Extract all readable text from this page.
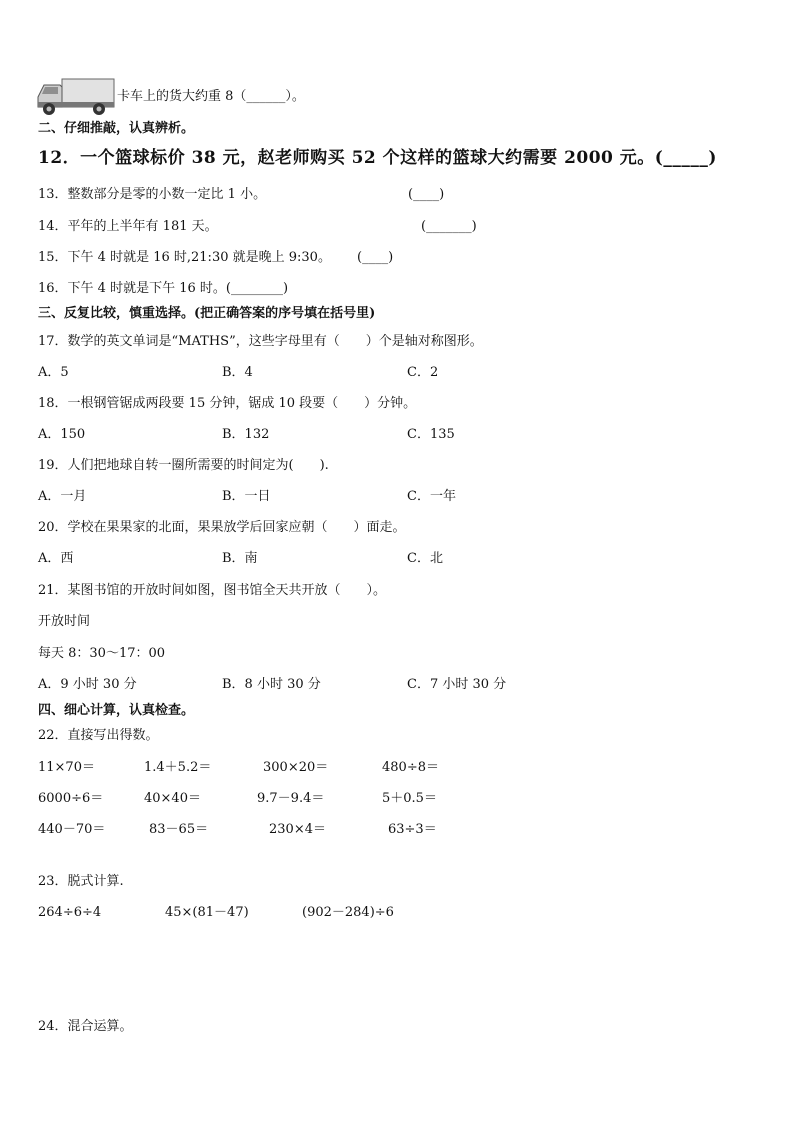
卡车上的货大约重 8（______）。
二、仔细推敲，认真辨析。
12．一个篮球标价 38 元，赵老师购买 52 个这样的篮球大约需要 2000 元。(_____)
13．整数部分是零的小数一定比 1 小。	(____)
14．平年的上半年有 181 天。	(_______)
15．下午 4 时就是 16 时,21:30 就是晚上 9:30。 (____)
16．下午 4 时就是下午 16 时。(________)
三、反复比较，慎重选择。(把正确答案的序号填在括号里)
17．数学的英文单词是“MATHS”，这些字母里有（　　）个是轴对称图形。
A．5	B．4	C．2
18．一根钢管锯成两段要 15 分钟，锯成 10 段要（　　）分钟。
A．150	B．132	C．135
19．人们把地球自转一圈所需要的时间定为(　　).
A．一月	B．一日	C．一年
20．学校在果果家的北面，果果放学后回家应朝（　　）面走。
A．西	B．南	C．北
21．某图书馆的开放时间如图，图书馆全天共开放（　　）。
开放时间
每天 8：30～17：00
A．9 小时 30 分	B．8 小时 30 分	C．7 小时 30 分
四、细心计算，认真检查。
22．直接写出得数。
11×70＝	1.4＋5.2＝	300×20＝	480÷8＝
6000÷6＝	40×40＝	9.7－9.4＝	5＋0.5＝
440－70＝	83－65＝	230×4＝	63÷3＝
23．脱式计算.
264÷6÷4	45×(81－47)	(902－284)÷6
24．混合运算。
